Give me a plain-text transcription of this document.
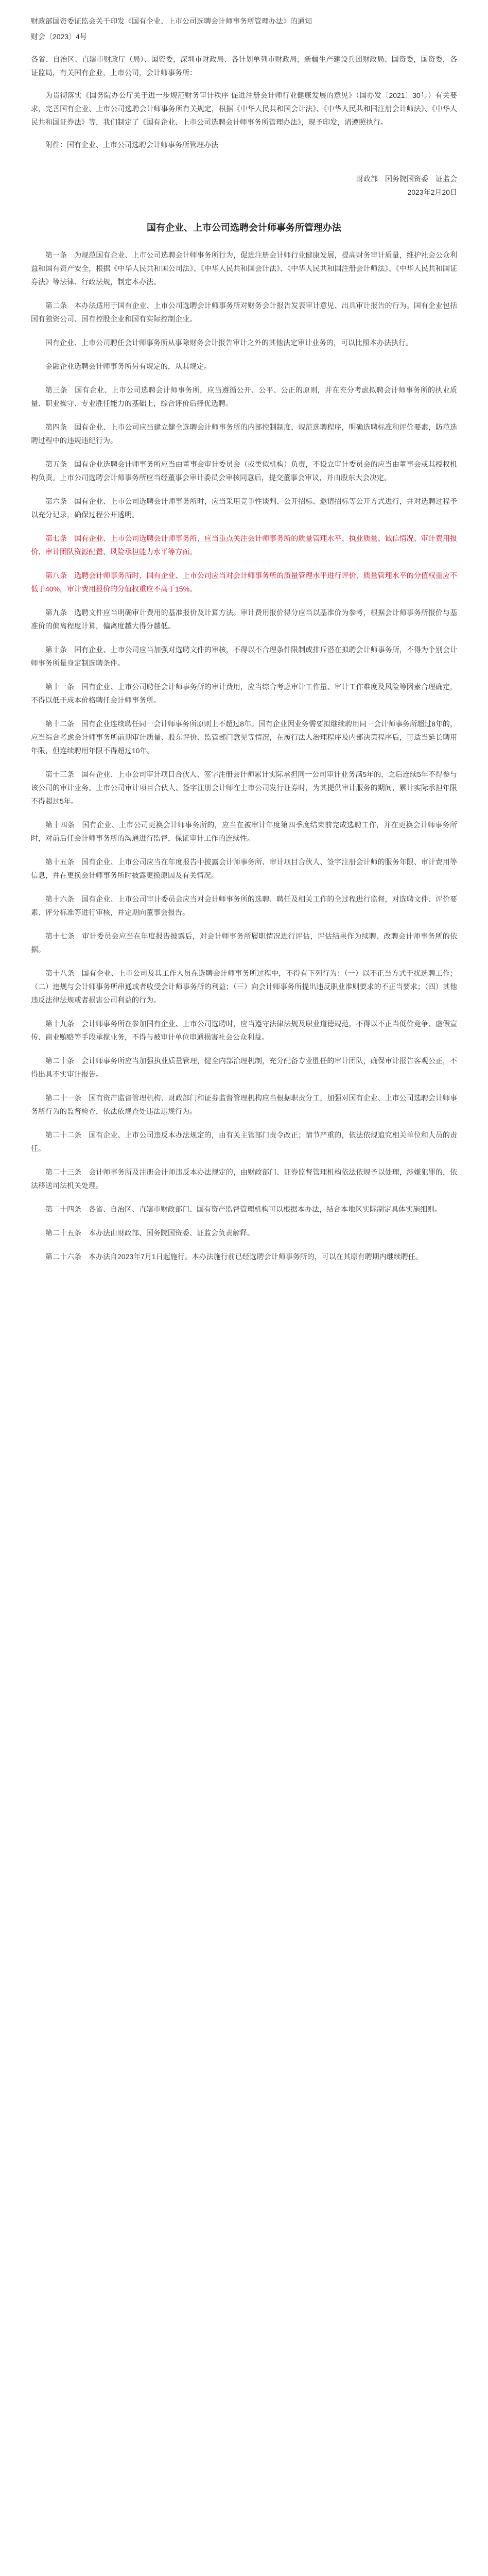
财政部国资委证监会关于印发《国有企业、上市公司选聘会计师事务所管理办法》的通知

财会〔2023〕4号

各省、自治区、直辖市财政厅（局）、国资委，深圳市财政局、各计划单列市财政局，新疆生产建设兵团财政局、国资委，国资委，各证监局，有关国有企业，上市公司，会计师事务所：

为贯彻落实《国务院办公厅关于进一步规范财务审计秩序 促进注册会计师行业健康发展的意见》（国办发〔2021〕30号）有关要求，完善国有企业、上市公司选聘会计师事务所有关规定，根据《中华人民共和国会计法》、《中华人民共和国注册会计师法》、《中华人民共和国证券法》等，我们制定了《国有企业、上市公司选聘会计师事务所管理办法》，现予印发，请遵照执行。

附件：国有企业、上市公司选聘会计师事务所管理办法

财政部　国务院国资委　证监会

2023年2月20日

国有企业、上市公司选聘会计师事务所管理办法

第一条　为规范国有企业、上市公司选聘会计师事务所行为，促进注册会计师行业健康发展，提高财务审计质量，维护社会公众利益和国有资产安全，根据《中华人民共和国公司法》、《中华人民共和国会计法》、《中华人民共和国注册会计师法》、《中华人民共和国证券法》等法律、行政法规，制定本办法。

第二条　本办法适用于国有企业、上市公司选聘会计师事务所对财务会计报告发表审计意见、出具审计报告的行为。国有企业包括国有独资公司、国有控股企业和国有实际控制企业。

国有企业、上市公司聘任会计师事务所从事除财务会计报告审计之外的其他法定审计业务的，可以比照本办法执行。

金融企业选聘会计师事务所另有规定的，从其规定。

第三条　国有企业、上市公司选聘会计师事务所，应当遵循公开、公平、公正的原则，并在充分考虑拟聘会计师事务所的执业质量、职业操守、专业胜任能力的基础上，综合评价后择优选聘。

第四条　国有企业、上市公司应当建立健全选聘会计师事务所的内部控制制度，规范选聘程序，明确选聘标准和评价要素，防范选聘过程中的违规违纪行为。

第五条　国有企业选聘会计师事务所应当由董事会审计委员会（或类似机构）负责，不设立审计委员会的应当由董事会或其授权机构负责。上市公司选聘会计师事务所应当经董事会审计委员会审核同意后，提交董事会审议，并由股东大会决定。

第六条　国有企业、上市公司选聘会计师事务所时，应当采用竞争性谈判、公开招标、邀请招标等公开方式进行，并对选聘过程予以充分记录，确保过程公开透明。

第七条　国有企业、上市公司选聘会计师事务所，应当重点关注会计师事务所的质量管理水平、执业质量、诚信情况、审计费用报价、审计团队资源配置、风险承担能力水平等方面。

第八条　选聘会计师事务所时，国有企业、上市公司应当对会计师事务所的质量管理水平进行评价，质量管理水平的分值权重应不低于40%，审计费用报价的分值权重应不高于15%。

第九条　选聘文件应当明确审计费用的基准报价及计算方法。审计费用报价得分应当以基准价为参考，根据会计师事务所报价与基准价的偏离程度计算，偏离度越大得分越低。

第十条　国有企业、上市公司应当加强对选聘文件的审核，不得以不合理条件限制或排斥潜在拟聘会计师事务所，不得为个别会计师事务所量身定制选聘条件。

第十一条　国有企业、上市公司聘任会计师事务所的审计费用，应当综合考虑审计工作量、审计工作难度及风险等因素合理确定，不得以低于成本价格聘任会计师事务所。

第十二条　国有企业连续聘任同一会计师事务所原则上不超过8年。国有企业因业务需要拟继续聘用同一会计师事务所超过8年的，应当综合考虑会计师事务所前期审计质量、股东评价、监管部门意见等情况，在履行法人治理程序及内部决策程序后，可适当延长聘用年限，但连续聘用年限不得超过10年。

第十三条　国有企业、上市公司审计项目合伙人、签字注册会计师累计实际承担同一公司审计业务满5年的，之后连续5年不得参与该公司的审计业务。上市公司审计项目合伙人、签字注册会计师在上市公司发行证券时，为其提供审计服务的期间，累计实际承担年限不得超过5年。

第十四条　国有企业、上市公司更换会计师事务所的，应当在被审计年度第四季度结束前完成选聘工作，并在更换会计师事务所时，对前后任会计师事务所的沟通进行监督，保证审计工作的连续性。

第十五条　国有企业、上市公司应当在年度报告中披露会计师事务所、审计项目合伙人、签字注册会计师的服务年限、审计费用等信息，并在更换会计师事务所时披露更换原因及有关情况。

第十六条　国有企业、上市公司审计委员会应当对会计师事务所的选聘、聘任及相关工作的全过程进行监督，对选聘文件、评价要素、评分标准等进行审核，并定期向董事会报告。

第十七条　审计委员会应当在年度报告披露后，对会计师事务所履职情况进行评估，评估结果作为续聘、改聘会计师事务所的依据。

第十八条　国有企业、上市公司及其工作人员在选聘会计师事务所过程中，不得有下列行为：（一）以不正当方式干扰选聘工作；（二）违规与会计师事务所串通或者收受会计师事务所的利益；（三）向会计师事务所提出违反职业准则要求的不正当要求；（四）其他违反法律法规或者损害公司利益的行为。

第十九条　会计师事务所在参加国有企业、上市公司选聘时，应当遵守法律法规及职业道德规范，不得以不正当低价竞争、虚假宣传、商业贿赂等手段承揽业务，不得与被审计单位串通损害社会公众利益。

第二十条　会计师事务所应当加强执业质量管理，健全内部治理机制，充分配备专业胜任的审计团队，确保审计报告客观公正，不得出具不实审计报告。

第二十一条　国有资产监督管理机构、财政部门和证券监督管理机构应当根据职责分工，加强对国有企业、上市公司选聘会计师事务所行为的监督检查，依法依规查处违法违规行为。

第二十二条　国有企业、上市公司违反本办法规定的，由有关主管部门责令改正；情节严重的，依法依规追究相关单位和人员的责任。

第二十三条　会计师事务所及注册会计师违反本办法规定的，由财政部门、证券监督管理机构依法依规予以处理，涉嫌犯罪的，依法移送司法机关处理。

第二十四条　各省、自治区、直辖市财政部门、国有资产监督管理机构可以根据本办法，结合本地区实际制定具体实施细则。

第二十五条　本办法由财政部、国务院国资委、证监会负责解释。

第二十六条　本办法自2023年7月1日起施行。本办法施行前已经选聘会计师事务所的，可以在其原有聘期内继续聘任。
